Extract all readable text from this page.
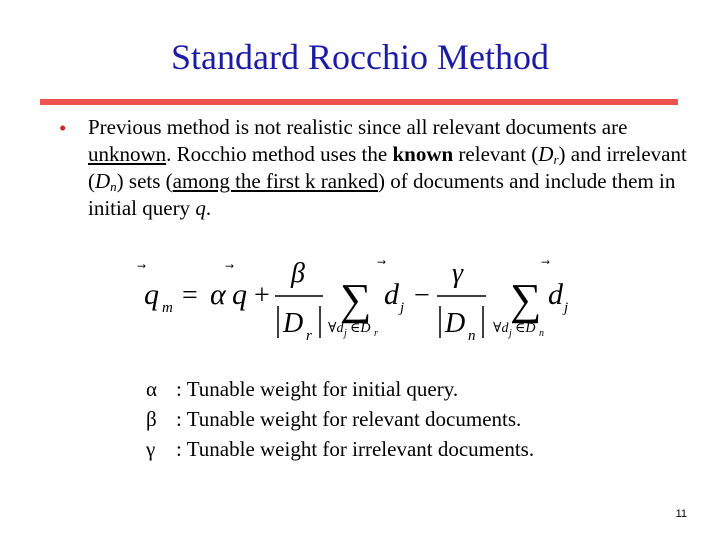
Standard Rocchio Method
• Previous method is not realistic since all relevant documents are unknown. Rocchio method uses the known relevant $(D_r)$ and irrelevant $(D_n)$ sets (among the first k ranked) of documents and include them in initial query q.
q m = α q +
β
D r
∑
∀d j ∈D r
d j −
γ
D n
∑
∀d j ∈D n
d j
α : Tunable weight for initial query.
β : Tunable weight for relevant documents.
γ : Tunable weight for irrelevant documents.
11
